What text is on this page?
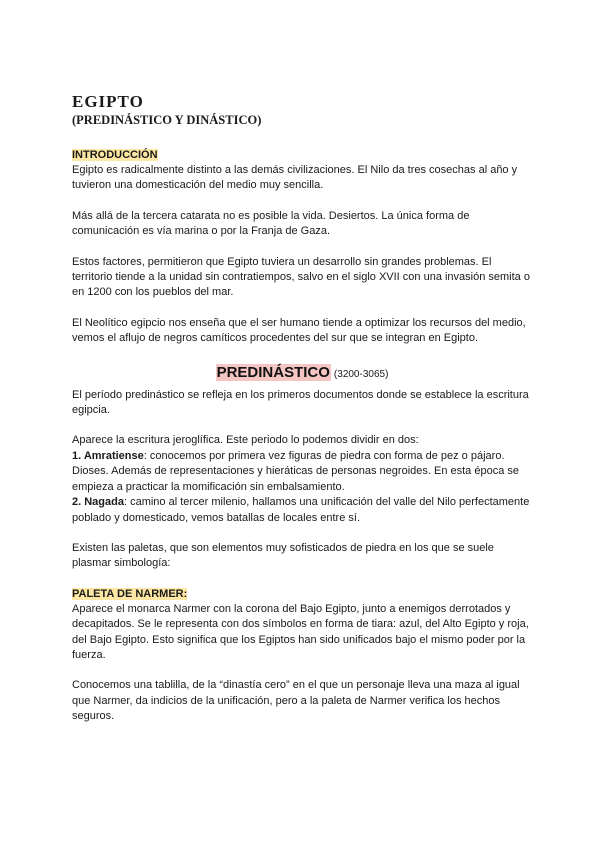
EGIPTO
(PREDINÁSTICO Y DINÁSTICO)
INTRODUCCIÓN

Egipto es radicalmente distinto a las demás civilizaciones. El Nilo da tres cosechas al año y tuvieron una domesticación del medio muy sencilla.

Más allá de la tercera catarata no es posible la vida. Desiertos. La única forma de comunicación es vía marina o por la Franja de Gaza.

Estos factores, permitieron que Egipto tuviera un desarrollo sin grandes problemas. El territorio tiende a la unidad sin contratiempos, salvo en el siglo XVII con una invasión semita o en 1200 con los pueblos del mar.

El Neolítico egipcio nos enseña que el ser humano tiende a optimizar los recursos del medio, vemos el aflujo de negros camíticos procedentes del sur que se integran en Egipto.

PREDINÁSTICO (3200-3065)

El período predinástico se refleja en los primeros documentos donde se establece la escritura egipcia.

Aparece la escritura jeroglífica. Este periodo lo podemos dividir en dos:
1. Amratiense: conocemos por primera vez figuras de piedra con forma de pez o pájaro. Dioses. Además de representaciones y hieráticas de personas negroides. En esta época se empieza a practicar la momificación sin embalsamiento.
2. Nagada: camino al tercer milenio, hallamos una unificación del valle del Nilo perfectamente poblado y domesticado, vemos batallas de locales entre sí.

Existen las paletas, que son elementos muy sofisticados de piedra en los que se suele plasmar simbología:

PALETA DE NARMER:

Aparece el monarca Narmer con la corona del Bajo Egipto, junto a enemigos derrotados y decapitados. Se le representa con dos símbolos en forma de tiara: azul, del Alto Egipto y roja, del Bajo Egipto. Esto significa que los Egiptos han sido unificados bajo el mismo poder por la fuerza.

Conocemos una tablilla, de la “dinastía cero” en el que un personaje lleva una maza al igual que Narmer, da indicios de la unificación, pero a la paleta de Narmer verifica los hechos seguros.
